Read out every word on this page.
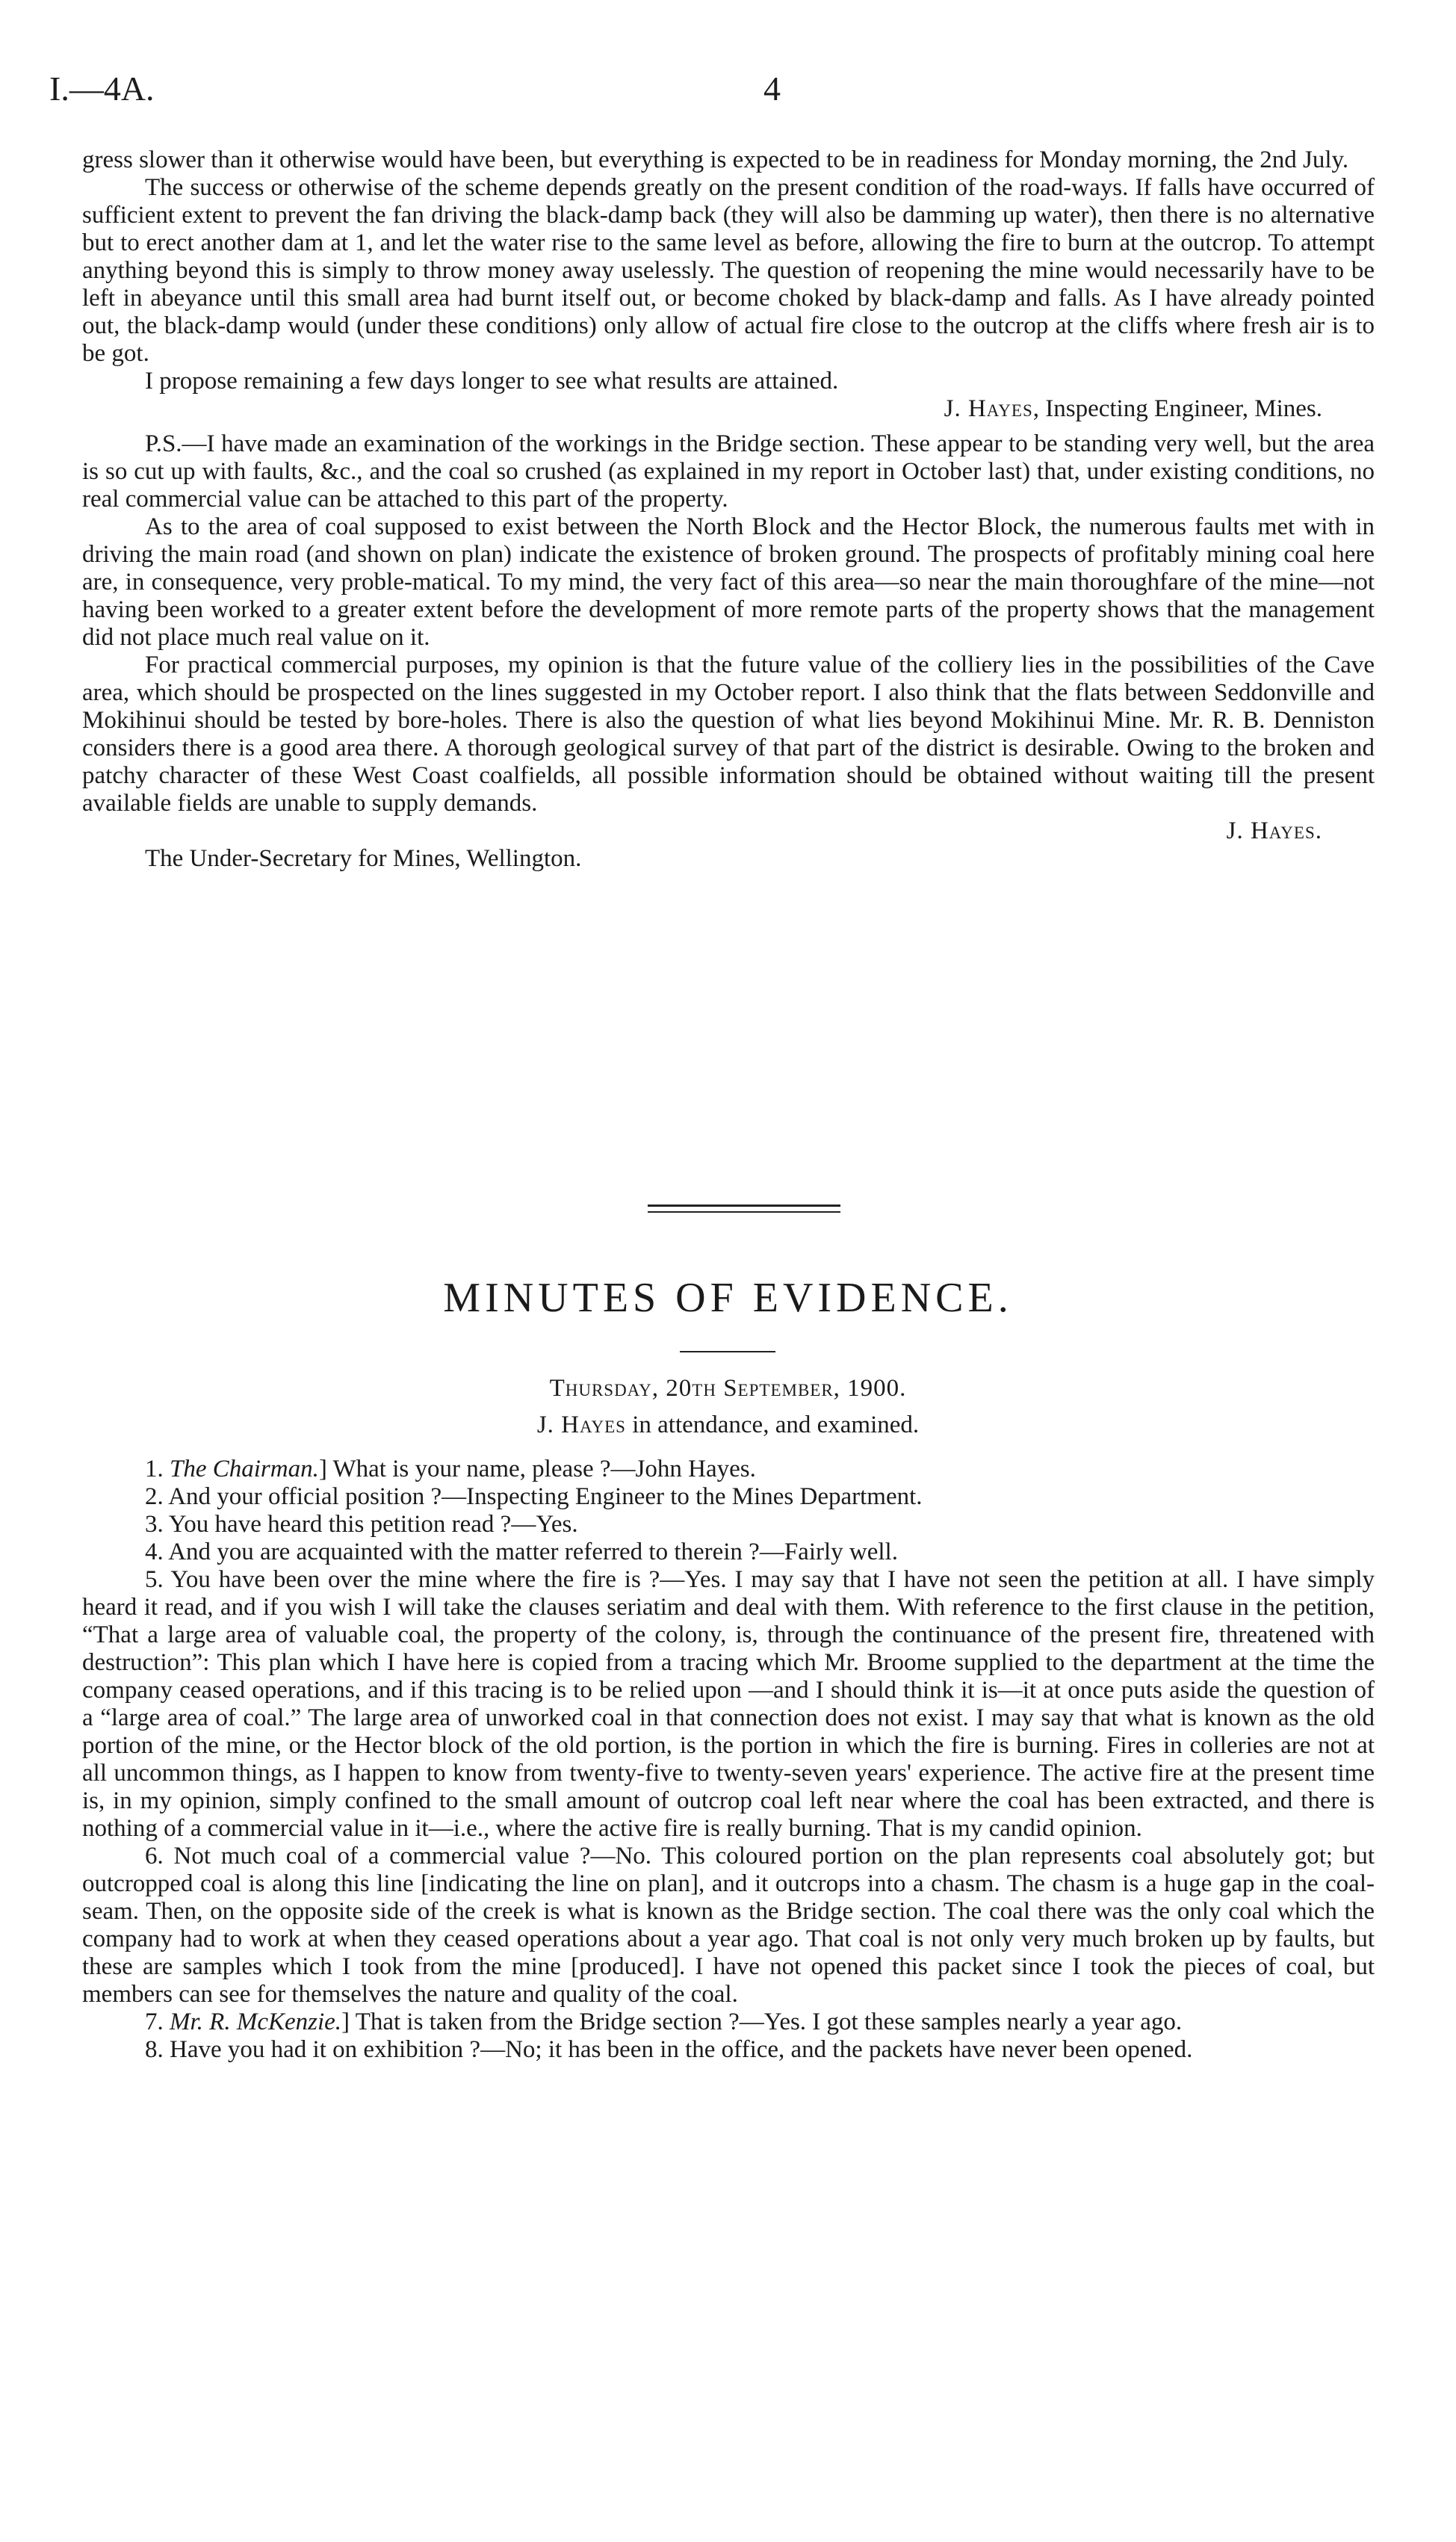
I.—4A.	4

gress slower than it otherwise would have been, but everything is expected to be in readiness for Monday morning, the 2nd July.

The success or otherwise of the scheme depends greatly on the present condition of the road-ways. If falls have occurred of sufficient extent to prevent the fan driving the black-damp back (they will also be damming up water), then there is no alternative but to erect another dam at 1, and let the water rise to the same level as before, allowing the fire to burn at the outcrop. To attempt anything beyond this is simply to throw money away uselessly. The question of reopening the mine would necessarily have to be left in abeyance until this small area had burnt itself out, or become choked by black-damp and falls. As I have already pointed out, the black-damp would (under these conditions) only allow of actual fire close to the outcrop at the cliffs where fresh air is to be got.

I propose remaining a few days longer to see what results are attained.

J. Hayes, Inspecting Engineer, Mines.

P.S.—I have made an examination of the workings in the Bridge section. These appear to be standing very well, but the area is so cut up with faults, &c., and the coal so crushed (as explained in my report in October last) that, under existing conditions, no real commercial value can be attached to this part of the property.

As to the area of coal supposed to exist between the North Block and the Hector Block, the numerous faults met with in driving the main road (and shown on plan) indicate the existence of broken ground. The prospects of profitably mining coal here are, in consequence, very proble-matical. To my mind, the very fact of this area—so near the main thoroughfare of the mine—not having been worked to a greater extent before the development of more remote parts of the property shows that the management did not place much real value on it.

For practical commercial purposes, my opinion is that the future value of the colliery lies in the possibilities of the Cave area, which should be prospected on the lines suggested in my October report. I also think that the flats between Seddonville and Mokihinui should be tested by bore-holes. There is also the question of what lies beyond Mokihinui Mine. Mr. R. B. Denniston considers there is a good area there. A thorough geological survey of that part of the district is desirable. Owing to the broken and patchy character of these West Coast coalfields, all possible information should be obtained without waiting till the present available fields are unable to supply demands.

J. Hayes.

The Under-Secretary for Mines, Wellington.

MINUTES OF EVIDENCE.
Thursday, 20th September, 1900.
J. Hayes in attendance, and examined.

1. The Chairman.] What is your name, please ?—John Hayes.

2. And your official position ?—Inspecting Engineer to the Mines Department.

3. You have heard this petition read ?—Yes.

4. And you are acquainted with the matter referred to therein ?—Fairly well.

5. You have been over the mine where the fire is ?—Yes. I may say that I have not seen the petition at all. I have simply heard it read, and if you wish I will take the clauses seriatim and deal with them. With reference to the first clause in the petition, “That a large area of valuable coal, the property of the colony, is, through the continuance of the present fire, threatened with destruction”: This plan which I have here is copied from a tracing which Mr. Broome supplied to the department at the time the company ceased operations, and if this tracing is to be relied upon —and I should think it is—it at once puts aside the question of a “large area of coal.” The large area of unworked coal in that connection does not exist. I may say that what is known as the old portion of the mine, or the Hector block of the old portion, is the portion in which the fire is burning. Fires in colleries are not at all uncommon things, as I happen to know from twenty-five to twenty-seven years' experience. The active fire at the present time is, in my opinion, simply confined to the small amount of outcrop coal left near where the coal has been extracted, and there is nothing of a commercial value in it—i.e., where the active fire is really burning. That is my candid opinion.

6. Not much coal of a commercial value ?—No. This coloured portion on the plan represents coal absolutely got; but outcropped coal is along this line [indicating the line on plan], and it outcrops into a chasm. The chasm is a huge gap in the coal-seam. Then, on the opposite side of the creek is what is known as the Bridge section. The coal there was the only coal which the company had to work at when they ceased operations about a year ago. That coal is not only very much broken up by faults, but these are samples which I took from the mine [produced]. I have not opened this packet since I took the pieces of coal, but members can see for themselves the nature and quality of the coal.

7. Mr. R. McKenzie.] That is taken from the Bridge section ?—Yes. I got these samples nearly a year ago.

8. Have you had it on exhibition ?—No; it has been in the office, and the packets have never been opened.
